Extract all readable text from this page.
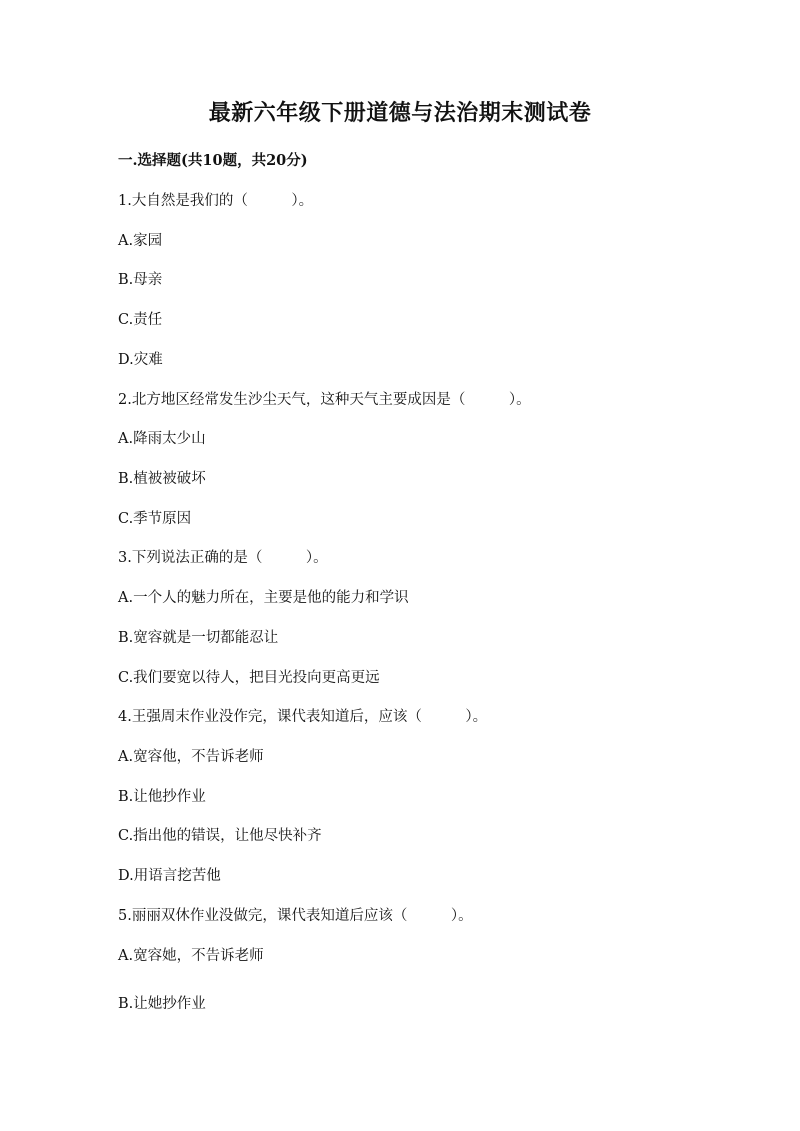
最新六年级下册道德与法治期末测试卷
一.选择题(共10题，共20分)
1.大自然是我们的（　　　）。
A.家园
B.母亲
C.责任
D.灾难
2.北方地区经常发生沙尘天气，这种天气主要成因是（　　　）。
A.降雨太少山
B.植被被破坏
C.季节原因
3.下列说法正确的是（　　　）。
A.一个人的魅力所在，主要是他的能力和学识
B.宽容就是一切都能忍让
C.我们要宽以待人，把目光投向更高更远
4.王强周末作业没作完，课代表知道后，应该（　　　）。
A.宽容他，不告诉老师
B.让他抄作业
C.指出他的错误，让他尽快补齐
D.用语言挖苦他
5.丽丽双休作业没做完，课代表知道后应该（　　　）。
A.宽容她，不告诉老师
B.让她抄作业
